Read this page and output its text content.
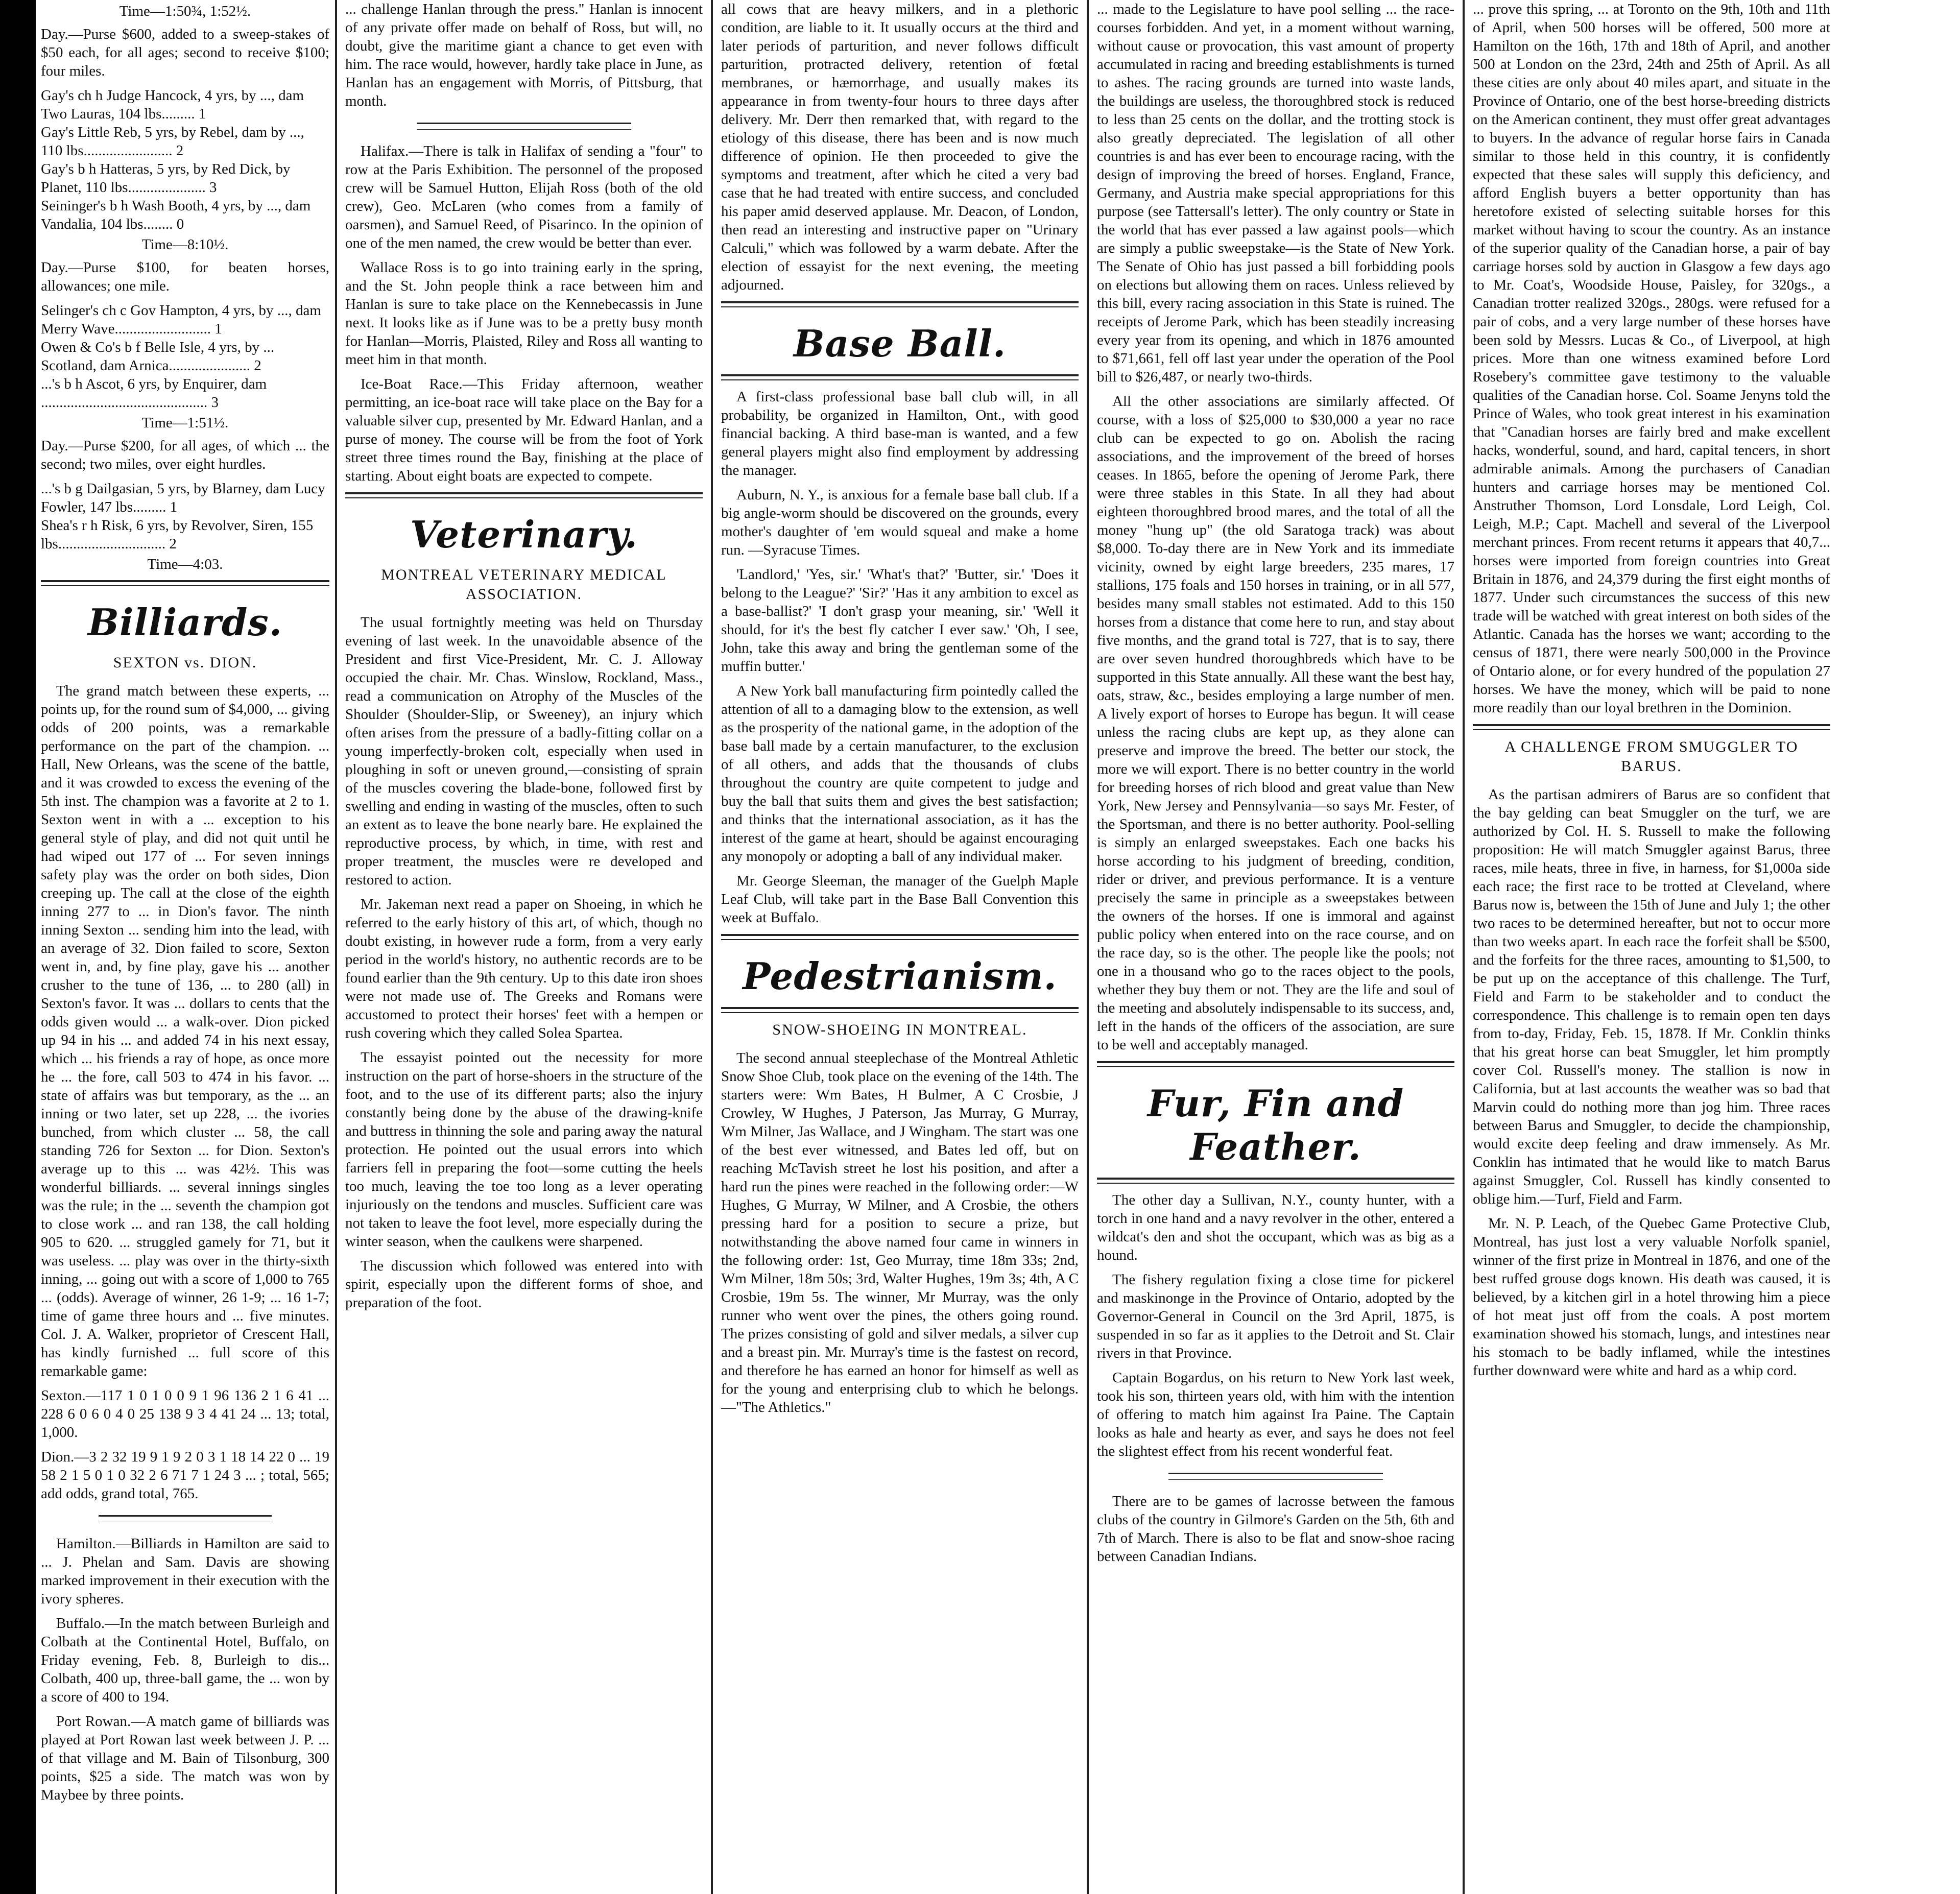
Time—1:50¾, 1:52½.

Day.—Purse $600, added to a sweep-stakes of $50 each, for all ages; second to receive $100; four miles.

Gay's ch h Judge Hancock, 4 yrs, by ..., dam Two Lauras, 104 lbs......... 1

Gay's Little Reb, 5 yrs, by Rebel, dam by ..., 110 lbs........................ 2

Gay's b h Hatteras, 5 yrs, by Red Dick, by Planet, 110 lbs..................... 3

Seininger's b h Wash Booth, 4 yrs, by ..., dam Vandalia, 104 lbs........ 0

Time—8:10½.

Day.—Purse $100, for beaten horses, allowances; one mile.

Selinger's ch c Gov Hampton, 4 yrs, by ..., dam Merry Wave.......................... 1

Owen & Co's b f Belle Isle, 4 yrs, by ... Scotland, dam Arnica...................... 2

...'s b h Ascot, 6 yrs, by Enquirer, dam ............................................. 3

Time—1:51½.

Day.—Purse $200, for all ages, of which ... the second; two miles, over eight hurdles.

...'s b g Dailgasian, 5 yrs, by Blarney, dam Lucy Fowler, 147 lbs......... 1

Shea's r h Risk, 6 yrs, by Revolver, Siren, 155 lbs............................. 2

Time—4:03.
Billiards.
SEXTON vs. DION.

The grand match between these experts, ... points up, for the round sum of $4,000, ... giving odds of 200 points, was a remarkable performance on the part of the champion. ... Hall, New Orleans, was the scene of the battle, and it was crowded to excess the evening of the 5th inst. The champion was a favorite at 2 to 1. Sexton went in with a ... exception to his general style of play, and did not quit until he had wiped out 177 of ... For seven innings safety play was the order on both sides, Dion creeping up. The call at the close of the eighth inning 277 to ... in Dion's favor. The ninth inning Sexton ... sending him into the lead, with an average of 32. Dion failed to score, Sexton went in, and, by fine play, gave his ... another crusher to the tune of 136, ... to 280 (all) in Sexton's favor. It was ... dollars to cents that the odds given would ... a walk-over. Dion picked up 94 in his ... and added 74 in his next essay, which ... his friends a ray of hope, as once more he ... the fore, call 503 to 474 in his favor. ... state of affairs was but temporary, as the ... an inning or two later, set up 228, ... the ivories bunched, from which cluster ... 58, the call standing 726 for Sexton ... for Dion. Sexton's average up to this ... was 42½. This was wonderful billiards. ... several innings singles was the rule; in the ... seventh the champion got to close work ... and ran 138, the call holding 905 to 620. ... struggled gamely for 71, but it was useless. ... play was over in the thirty-sixth inning, ... going out with a score of 1,000 to 765 ... (odds). Average of winner, 26 1-9; ... 16 1-7; time of game three hours and ... five minutes. Col. J. A. Walker, proprietor of Crescent Hall, has kindly furnished ... full score of this remarkable game:

Sexton.—117 1 0 1 0 0 9 1 96 136 2 1 6 41 ... 228 6 0 6 0 4 0 25 138 9 3 4 41 24 ... 13; total, 1,000.

Dion.—3 2 32 19 9 1 9 2 0 3 1 18 14 22 0 ... 19 58 2 1 5 0 1 0 32 2 6 71 7 1 24 3 ... ; total, 565; add odds, grand total, 765.

Hamilton.—Billiards in Hamilton are said to ... J. Phelan and Sam. Davis are showing marked improvement in their execution with the ivory spheres.

Buffalo.—In the match between Burleigh and Colbath at the Continental Hotel, Buffalo, on Friday evening, Feb. 8, Burleigh to dis... Colbath, 400 up, three-ball game, the ... won by a score of 400 to 194.

Port Rowan.—A match game of billiards was played at Port Rowan last week between J. P. ... of that village and M. Bain of Tilsonburg, 300 points, $25 a side. The match was won by Maybee by three points.

... challenge Hanlan through the press." Hanlan is innocent of any private offer made on behalf of Ross, but will, no doubt, give the maritime giant a chance to get even with him. The race would, however, hardly take place in June, as Hanlan has an engagement with Morris, of Pittsburg, that month.

Halifax.—There is talk in Halifax of sending a "four" to row at the Paris Exhibition. The personnel of the proposed crew will be Samuel Hutton, Elijah Ross (both of the old crew), Geo. McLaren (who comes from a family of oarsmen), and Samuel Reed, of Pisarinco. In the opinion of one of the men named, the crew would be better than ever.

Wallace Ross is to go into training early in the spring, and the St. John people think a race between him and Hanlan is sure to take place on the Kennebecassis in June next. It looks like as if June was to be a pretty busy month for Hanlan—Morris, Plaisted, Riley and Ross all wanting to meet him in that month.

Ice-Boat Race.—This Friday afternoon, weather permitting, an ice-boat race will take place on the Bay for a valuable silver cup, presented by Mr. Edward Hanlan, and a purse of money. The course will be from the foot of York street three times round the Bay, finishing at the place of starting. About eight boats are expected to compete.

Veterinary.
MONTREAL VETERINARY MEDICAL ASSOCIATION.

The usual fortnightly meeting was held on Thursday evening of last week. In the unavoidable absence of the President and first Vice-President, Mr. C. J. Alloway occupied the chair. Mr. Chas. Winslow, Rockland, Mass., read a communication on Atrophy of the Muscles of the Shoulder (Shoulder-Slip, or Sweeney), an injury which often arises from the pressure of a badly-fitting collar on a young imperfectly-broken colt, especially when used in ploughing in soft or uneven ground,—consisting of sprain of the muscles covering the blade-bone, followed first by swelling and ending in wasting of the muscles, often to such an extent as to leave the bone nearly bare. He explained the reproductive process, by which, in time, with rest and proper treatment, the muscles were re developed and restored to action.

Mr. Jakeman next read a paper on Shoeing, in which he referred to the early history of this art, of which, though no doubt existing, in however rude a form, from a very early period in the world's history, no authentic records are to be found earlier than the 9th century. Up to this date iron shoes were not made use of. The Greeks and Romans were accustomed to protect their horses' feet with a hempen or rush covering which they called Solea Spartea.

The essayist pointed out the necessity for more instruction on the part of horse-shoers in the structure of the foot, and to the use of its different parts; also the injury constantly being done by the abuse of the drawing-knife and buttress in thinning the sole and paring away the natural protection. He pointed out the usual errors into which farriers fell in preparing the foot—some cutting the heels too much, leaving the toe too long as a lever operating injuriously on the tendons and muscles. Sufficient care was not taken to leave the foot level, more especially during the winter season, when the caulkens were sharpened.

The discussion which followed was entered into with spirit, especially upon the different forms of shoe, and preparation of the foot.

all cows that are heavy milkers, and in a plethoric condition, are liable to it. It usually occurs at the third and later periods of parturition, and never follows difficult parturition, protracted delivery, retention of fœtal membranes, or hæmorrhage, and usually makes its appearance in from twenty-four hours to three days after delivery. Mr. Derr then remarked that, with regard to the etiology of this disease, there has been and is now much difference of opinion. He then proceeded to give the symptoms and treatment, after which he cited a very bad case that he had treated with entire success, and concluded his paper amid deserved applause. Mr. Deacon, of London, then read an interesting and instructive paper on "Urinary Calculi," which was followed by a warm debate. After the election of essayist for the next evening, the meeting adjourned.

Base Ball.

A first-class professional base ball club will, in all probability, be organized in Hamilton, Ont., with good financial backing. A third base-man is wanted, and a few general players might also find employment by addressing the manager.

Auburn, N. Y., is anxious for a female base ball club. If a big angle-worm should be discovered on the grounds, every mother's daughter of 'em would squeal and make a home run. —Syracuse Times.

'Landlord,' 'Yes, sir.' 'What's that?' 'Butter, sir.' 'Does it belong to the League?' 'Sir?' 'Has it any ambition to excel as a base-ballist?' 'I don't grasp your meaning, sir.' 'Well it should, for it's the best fly catcher I ever saw.' 'Oh, I see, John, take this away and bring the gentleman some of the muffin butter.'

A New York ball manufacturing firm pointedly called the attention of all to a damaging blow to the extension, as well as the prosperity of the national game, in the adoption of the base ball made by a certain manufacturer, to the exclusion of all others, and adds that the thousands of clubs throughout the country are quite competent to judge and buy the ball that suits them and gives the best satisfaction; and thinks that the international association, as it has the interest of the game at heart, should be against encouraging any monopoly or adopting a ball of any individual maker.

Mr. George Sleeman, the manager of the Guelph Maple Leaf Club, will take part in the Base Ball Convention this week at Buffalo.

Pedestrianism.
SNOW-SHOEING IN MONTREAL.

The second annual steeplechase of the Montreal Athletic Snow Shoe Club, took place on the evening of the 14th. The starters were: Wm Bates, H Bulmer, A C Crosbie, J Crowley, W Hughes, J Paterson, Jas Murray, G Murray, Wm Milner, Jas Wallace, and J Wingham. The start was one of the best ever witnessed, and Bates led off, but on reaching McTavish street he lost his position, and after a hard run the pines were reached in the following order:—W Hughes, G Murray, W Milner, and A Crosbie, the others pressing hard for a position to secure a prize, but notwithstanding the above named four came in winners in the following order: 1st, Geo Murray, time 18m 33s; 2nd, Wm Milner, 18m 50s; 3rd, Walter Hughes, 19m 3s; 4th, A C Crosbie, 19m 5s. The winner, Mr Murray, was the only runner who went over the pines, the others going round. The prizes consisting of gold and silver medals, a silver cup and a breast pin. Mr. Murray's time is the fastest on record, and therefore he has earned an honor for himself as well as for the young and enterprising club to which he belongs.—"The Athletics."

... made to the Legislature to have pool selling ... the race-courses forbidden. And yet, in a moment without warning, without cause or provocation, this vast amount of property accumulated in racing and breeding establishments is turned to ashes. The racing grounds are turned into waste lands, the buildings are useless, the thoroughbred stock is reduced to less than 25 cents on the dollar, and the trotting stock is also greatly depreciated. The legislation of all other countries is and has ever been to encourage racing, with the design of improving the breed of horses. England, France, Germany, and Austria make special appropriations for this purpose (see Tattersall's letter). The only country or State in the world that has ever passed a law against pools—which are simply a public sweepstake—is the State of New York. The Senate of Ohio has just passed a bill forbidding pools on elections but allowing them on races. Unless relieved by this bill, every racing association in this State is ruined. The receipts of Jerome Park, which has been steadily increasing every year from its opening, and which in 1876 amounted to $71,661, fell off last year under the operation of the Pool bill to $26,487, or nearly two-thirds.

All the other associations are similarly affected. Of course, with a loss of $25,000 to $30,000 a year no race club can be expected to go on. Abolish the racing associations, and the improvement of the breed of horses ceases. In 1865, before the opening of Jerome Park, there were three stables in this State. In all they had about eighteen thoroughbred brood mares, and the total of all the money "hung up" (the old Saratoga track) was about $8,000. To-day there are in New York and its immediate vicinity, owned by eight large breeders, 235 mares, 17 stallions, 175 foals and 150 horses in training, or in all 577, besides many small stables not estimated. Add to this 150 horses from a distance that come here to run, and stay about five months, and the grand total is 727, that is to say, there are over seven hundred thoroughbreds which have to be supported in this State annually. All these want the best hay, oats, straw, &c., besides employing a large number of men. A lively export of horses to Europe has begun. It will cease unless the racing clubs are kept up, as they alone can preserve and improve the breed. The better our stock, the more we will export. There is no better country in the world for breeding horses of rich blood and great value than New York, New Jersey and Pennsylvania—so says Mr. Fester, of the Sportsman, and there is no better authority. Pool-selling is simply an enlarged sweepstakes. Each one backs his horse according to his judgment of breeding, condition, rider or driver, and previous performance. It is a venture precisely the same in principle as a sweepstakes between the owners of the horses. If one is immoral and against public policy when entered into on the race course, and on the race day, so is the other. The people like the pools; not one in a thousand who go to the races object to the pools, whether they buy them or not. They are the life and soul of the meeting and absolutely indispensable to its success, and, left in the hands of the officers of the association, are sure to be well and acceptably managed.

Fur, Fin and Feather.

The other day a Sullivan, N.Y., county hunter, with a torch in one hand and a navy revolver in the other, entered a wildcat's den and shot the occupant, which was as big as a hound.

The fishery regulation fixing a close time for pickerel and maskinonge in the Province of Ontario, adopted by the Governor-General in Council on the 3rd April, 1875, is suspended in so far as it applies to the Detroit and St. Clair rivers in that Province.

Captain Bogardus, on his return to New York last week, took his son, thirteen years old, with him with the intention of offering to match him against Ira Paine. The Captain looks as hale and hearty as ever, and says he does not feel the slightest effect from his recent wonderful feat.

There are to be games of lacrosse between the famous clubs of the country in Gilmore's Garden on the 5th, 6th and 7th of March. There is also to be flat and snow-shoe racing between Canadian Indians.

... prove this spring, ... at Toronto on the 9th, 10th and 11th of April, when 500 horses will be offered, 500 more at Hamilton on the 16th, 17th and 18th of April, and another 500 at London on the 23rd, 24th and 25th of April. As all these cities are only about 40 miles apart, and situate in the Province of Ontario, one of the best horse-breeding districts on the American continent, they must offer great advantages to buyers. In the advance of regular horse fairs in Canada similar to those held in this country, it is confidently expected that these sales will supply this deficiency, and afford English buyers a better opportunity than has heretofore existed of selecting suitable horses for this market without having to scour the country. As an instance of the superior quality of the Canadian horse, a pair of bay carriage horses sold by auction in Glasgow a few days ago to Mr. Coat's, Woodside House, Paisley, for 320gs., a Canadian trotter realized 320gs., 280gs. were refused for a pair of cobs, and a very large number of these horses have been sold by Messrs. Lucas & Co., of Liverpool, at high prices. More than one witness examined before Lord Rosebery's committee gave testimony to the valuable qualities of the Canadian horse. Col. Soame Jenyns told the Prince of Wales, who took great interest in his examination that "Canadian horses are fairly bred and make excellent hacks, wonderful, sound, and hard, capital tencers, in short admirable animals. Among the purchasers of Canadian hunters and carriage horses may be mentioned Col. Anstruther Thomson, Lord Lonsdale, Lord Leigh, Col. Leigh, M.P.; Capt. Machell and several of the Liverpool merchant princes. From recent returns it appears that 40,7... horses were imported from foreign countries into Great Britain in 1876, and 24,379 during the first eight months of 1877. Under such circumstances the success of this new trade will be watched with great interest on both sides of the Atlantic. Canada has the horses we want; according to the census of 1871, there were nearly 500,000 in the Province of Ontario alone, or for every hundred of the population 27 horses. We have the money, which will be paid to none more readily than our loyal brethren in the Dominion.

A CHALLENGE FROM SMUGGLER TO BARUS.

As the partisan admirers of Barus are so confident that the bay gelding can beat Smuggler on the turf, we are authorized by Col. H. S. Russell to make the following proposition: He will match Smuggler against Barus, three races, mile heats, three in five, in harness, for $1,000a side each race; the first race to be trotted at Cleveland, where Barus now is, between the 15th of June and July 1; the other two races to be determined hereafter, but not to occur more than two weeks apart. In each race the forfeit shall be $500, and the forfeits for the three races, amounting to $1,500, to be put up on the acceptance of this challenge. The Turf, Field and Farm to be stakeholder and to conduct the correspondence. This challenge is to remain open ten days from to-day, Friday, Feb. 15, 1878. If Mr. Conklin thinks that his great horse can beat Smuggler, let him promptly cover Col. Russell's money. The stallion is now in California, but at last accounts the weather was so bad that Marvin could do nothing more than jog him. Three races between Barus and Smuggler, to decide the championship, would excite deep feeling and draw immensely. As Mr. Conklin has intimated that he would like to match Barus against Smuggler, Col. Russell has kindly consented to oblige him.—Turf, Field and Farm.

Mr. N. P. Leach, of the Quebec Game Protective Club, Montreal, has just lost a very valuable Norfolk spaniel, winner of the first prize in Montreal in 1876, and one of the best ruffed grouse dogs known. His death was caused, it is believed, by a kitchen girl in a hotel throwing him a piece of hot meat just off from the coals. A post mortem examination showed his stomach, lungs, and intestines near his stomach to be badly inflamed, while the intestines further downward were white and hard as a whip cord.
